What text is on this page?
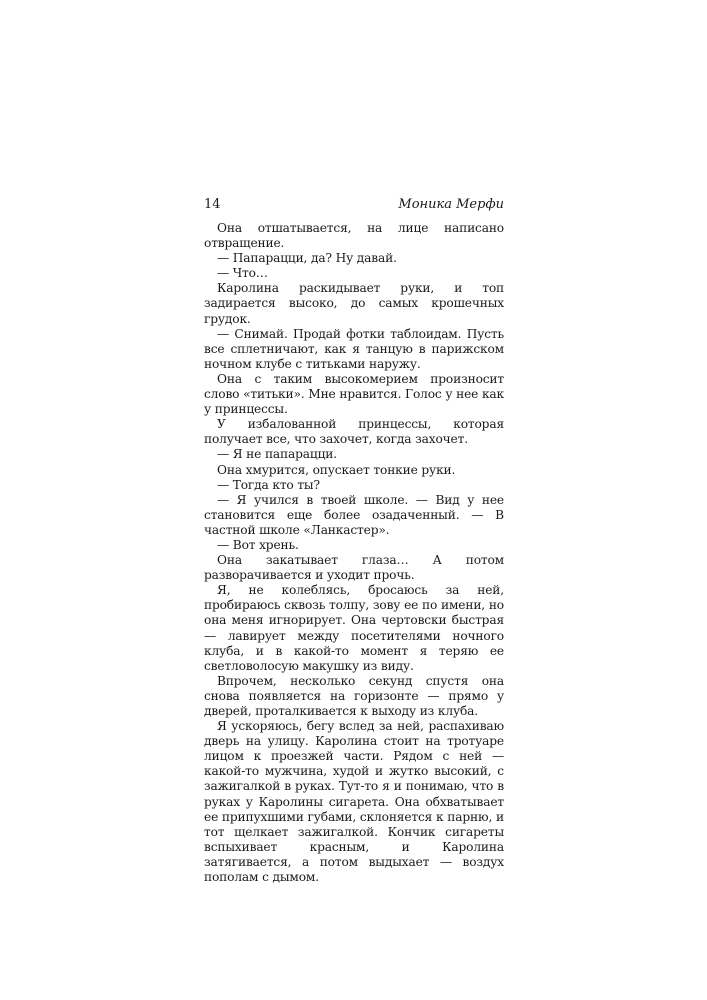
14	Моника Мерфи

Она отшатывается, на лице написано отвращение.

— Папарацци, да? Ну давай.

— Что…

Каролина раскидывает руки, и топ задирается высоко, до самых крошечных грудок.

— Снимай. Продай фотки таблоидам. Пусть все сплетничают, как я танцую в парижском ночном клубе с титьками наружу.

Она с таким высокомерием произносит слово «титьки». Мне нравится. Голос у нее как у принцессы.

У избалованной принцессы, которая получает все, что захочет, когда захочет.

— Я не папарацци.

Она хмурится, опускает тонкие руки.

— Тогда кто ты?

— Я учился в твоей школе. — Вид у нее становится еще более озадаченный. — В частной школе «Ланкастер».

— Вот хрень.

Она закатывает глаза… А потом разворачивается и уходит прочь.

Я, не колеблясь, бросаюсь за ней, пробираюсь сквозь толпу, зову ее по имени, но она меня игнорирует. Она чертовски быстрая — лавирует между посетителями ночного клуба, и в какой-то момент я теряю ее светловолосую макушку из виду.

Впрочем, несколько секунд спустя она снова появляется на горизонте — прямо у дверей, проталкивается к выходу из клуба.

Я ускоряюсь, бегу вслед за ней, распахиваю дверь на улицу. Каролина стоит на тротуаре лицом к проезжей части. Рядом с ней — какой-то мужчина, худой и жутко высокий, с зажигалкой в руках. Тут-то я и понимаю, что в руках у Каролины сигарета. Она обхватывает ее припухшими губами, склоняется к парню, и тот щелкает зажигалкой. Кончик сигареты вспыхивает красным, и Каролина затягивается, а потом выдыхает — воздух пополам с дымом.
